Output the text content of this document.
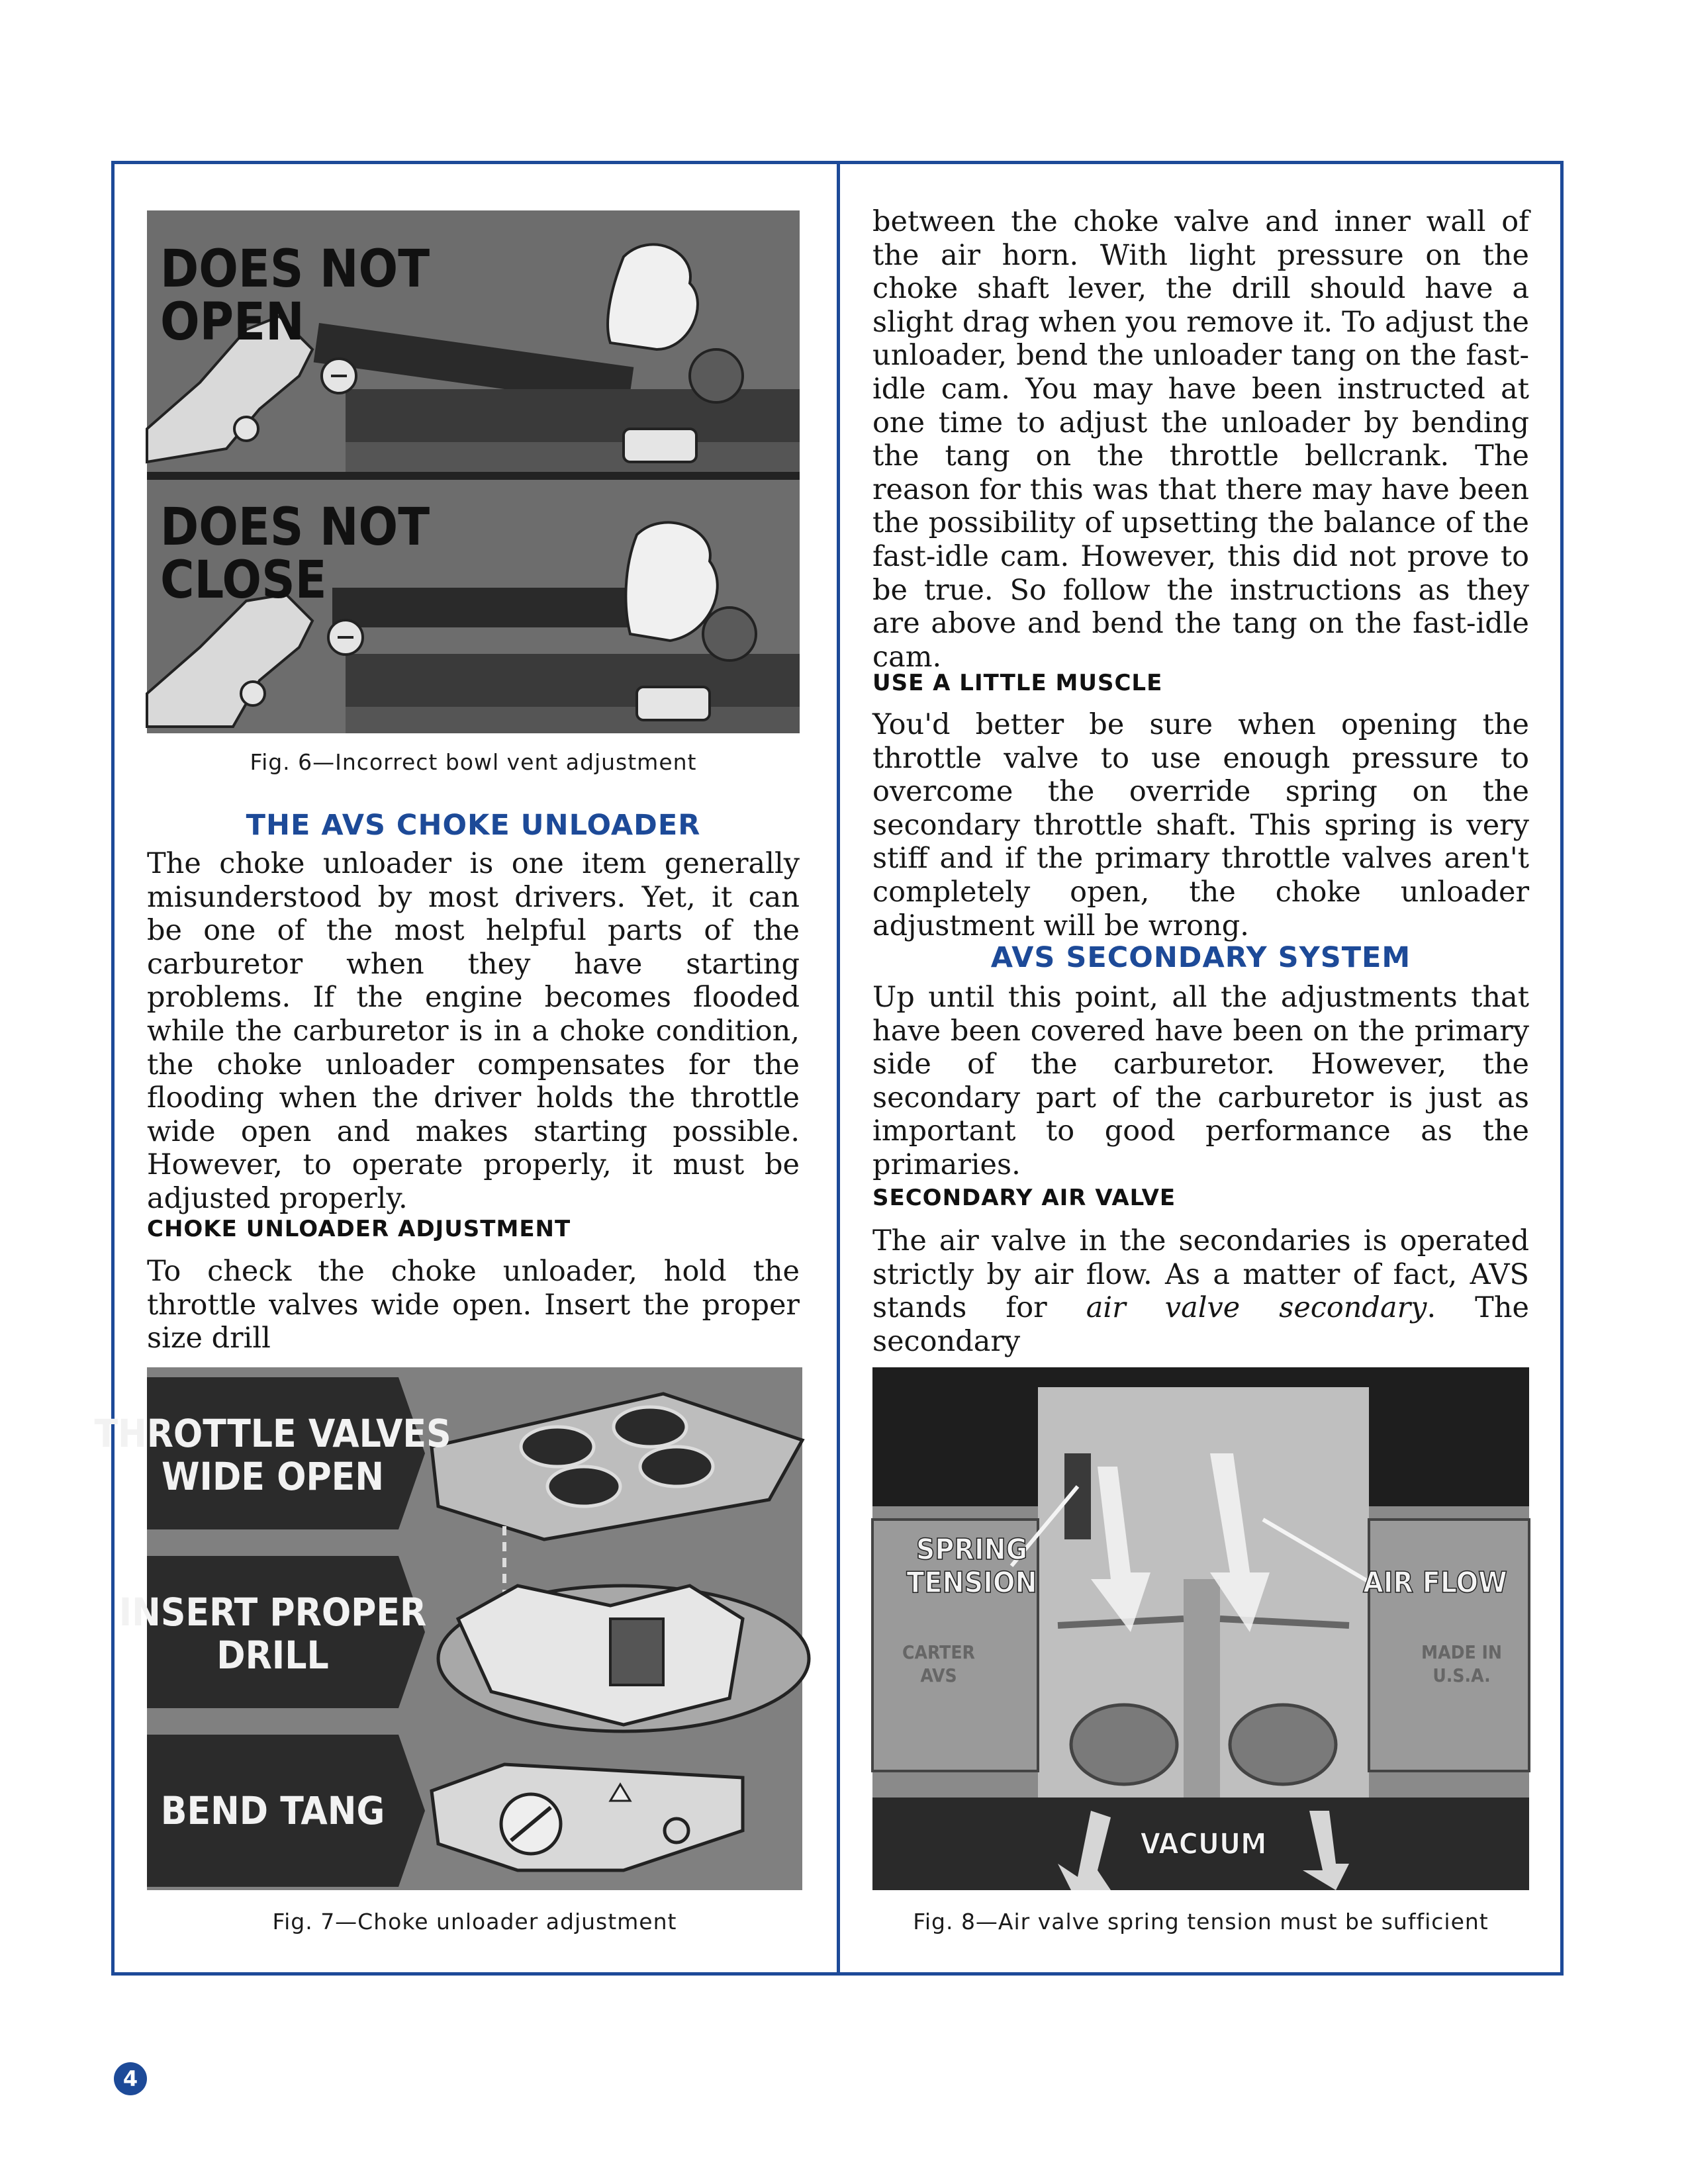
DOES NOT
OPEN
DOES NOT
CLOSE
Fig. 6—Incorrect bowl vent adjustment
THE AVS CHOKE UNLOADER
The choke unloader is one item generally misunderstood by most drivers. Yet, it can be one of the most helpful parts of the carburetor when they have starting problems. If the engine becomes flooded while the carburetor is in a choke condition, the choke unloader compensates for the flooding when the driver holds the throttle wide open and makes starting possible. However, to operate properly, it must be adjusted properly.
CHOKE UNLOADER ADJUSTMENT
To check the choke unloader, hold the throttle valves wide open. Insert the proper size drill
between the choke valve and inner wall of the air horn. With light pressure on the choke shaft lever, the drill should have a slight drag when you remove it. To adjust the unloader, bend the unloader tang on the fast-idle cam. You may have been instructed at one time to adjust the unloader by bending the tang on the throttle bellcrank. The reason for this was that there may have been the possibility of upsetting the balance of the fast-idle cam. However, this did not prove to be true. So follow the instructions as they are above and bend the tang on the fast-idle cam.
USE A LITTLE MUSCLE
You'd better be sure when opening the throttle valve to use enough pressure to overcome the override spring on the secondary throttle shaft. This spring is very stiff and if the primary throttle valves aren't completely open, the choke unloader adjustment will be wrong.
AVS SECONDARY SYSTEM
Up until this point, all the adjustments that have been covered have been on the primary side of the carburetor. However, the secondary part of the carburetor is just as important to good performance as the primaries.
SECONDARY AIR VALVE
The air valve in the secondaries is operated strictly by air flow. As a matter of fact, AVS stands for air valve secondary. The secondary
THROTTLE VALVES
WIDE OPEN
INSERT PROPER
DRILL
BEND TANG
Fig. 7—Choke unloader adjustment
SPRING
TENSION	AIR FLOW
VACUUM
CARTER
AVS
MADE IN
U.S.A.
Fig. 8—Air valve spring tension must be sufficient
4
